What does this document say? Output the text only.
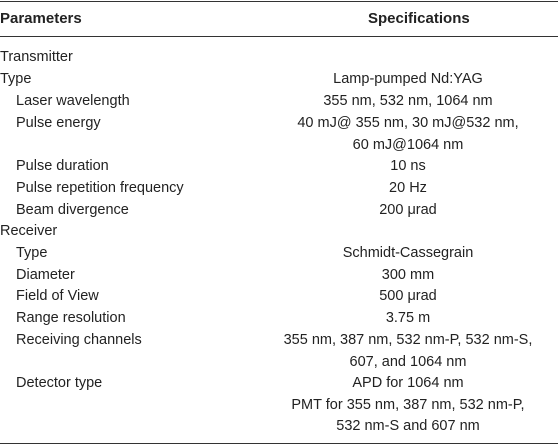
Parameters	Specifications
Transmitter
Type	Lamp-pumped Nd:YAG
Laser wavelength	355 nm, 532 nm, 1064 nm
Pulse energy	40 mJ@ 355 nm, 30 mJ@532 nm,
60 mJ@1064 nm
Pulse duration	10 ns
Pulse repetition frequency	20 Hz
Beam divergence	200 μrad
Receiver
Type	Schmidt-Cassegrain
Diameter	300 mm
Field of View	500 μrad
Range resolution	3.75 m
Receiving channels	355 nm, 387 nm, 532 nm-P, 532 nm-S,
607, and 1064 nm
Detector type	APD for 1064 nm
PMT for 355 nm, 387 nm, 532 nm-P,
532 nm-S and 607 nm
